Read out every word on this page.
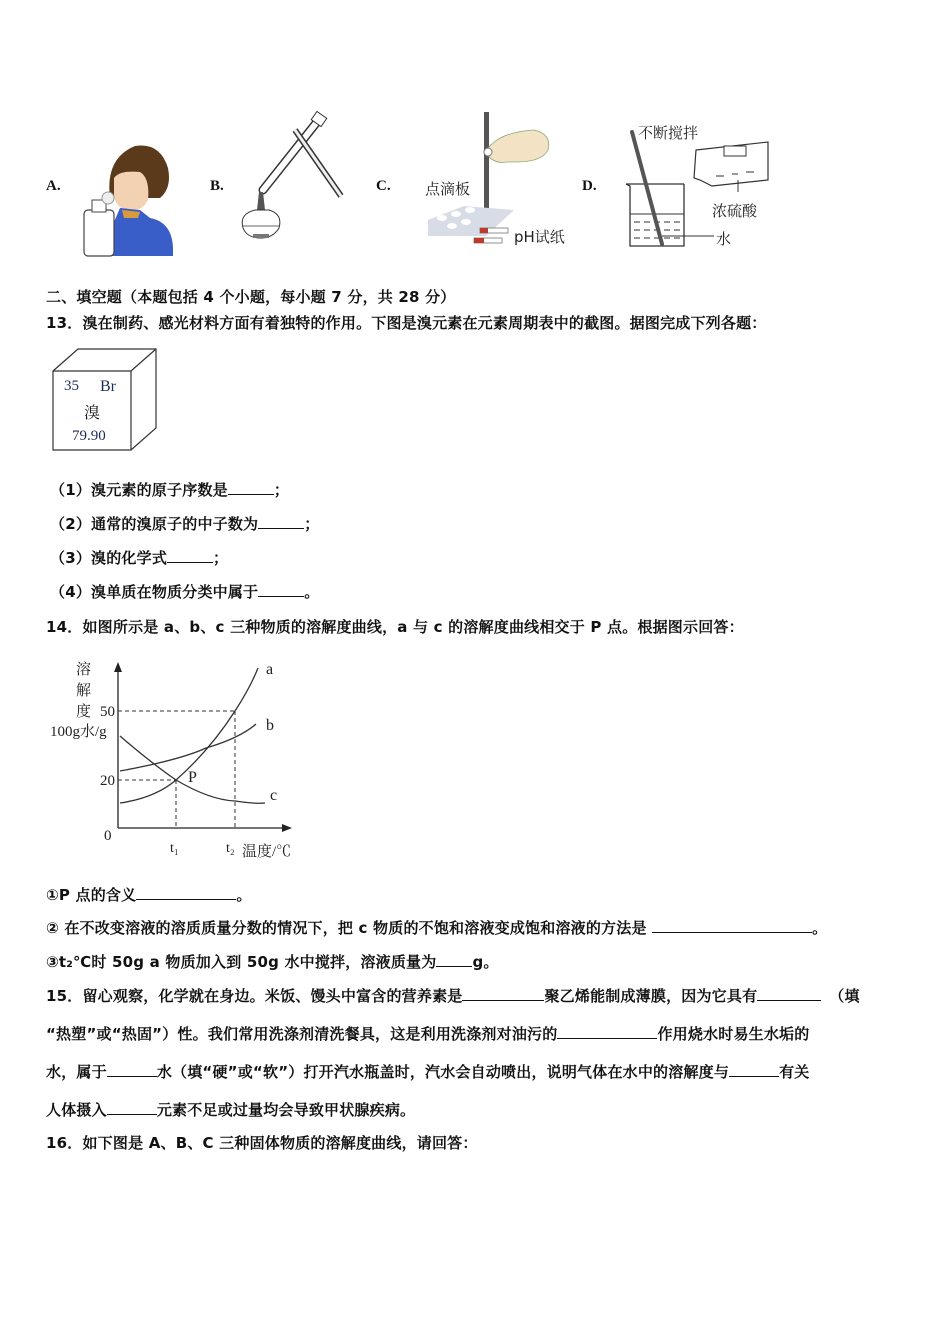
A.	B.	C. 点滴板
pH试纸
D.
不断搅拌
浓硫酸
水
二、填空题（本题包括 4 个小题，每小题 7 分，共 28 分）
13．溴在制药、感光材料方面有着独特的作用。下图是溴元素在元素周期表中的截图。据图完成下列各题：
35 Br
溴
79.90
（1）溴元素的原子序数是	；
（2）通常的溴原子的中子数为	；
（3）溴的化学式	；
（4）溴单质在物质分类中属于	。
14．如图所示是 a、b、c 三种物质的溶解度曲线，a 与 c 的溶解度曲线相交于 P 点。根据图示回答：
溶
解
度
100g水/g
50
20
0
t₁	t₂ 温度/℃
P
a
b
c
①P 点的含义	。
② 在不改变溶液的溶质质量分数的情况下，把 c 物质的不饱和溶液变成饱和溶液的方法是	。
③t₂℃时 50g a 物质加入到 50g 水中搅拌，溶液质量为 g。
15．留心观察，化学就在身边。米饭、馒头中富含的营养素是	聚乙烯能制成薄膜，因为它具有	（填
“热塑”或“热固”）性。我们常用洗涤剂清洗餐具，这是利用洗涤剂对油污的	作用烧水时易生水垢的
水，属于	水（填“硬”或“软”）打开汽水瓶盖时，汽水会自动喷出，说明气体在水中的溶解度与	有关
人体摄入	元素不足或过量均会导致甲状腺疾病。
16．如下图是 A、B、C 三种固体物质的溶解度曲线，请回答：
